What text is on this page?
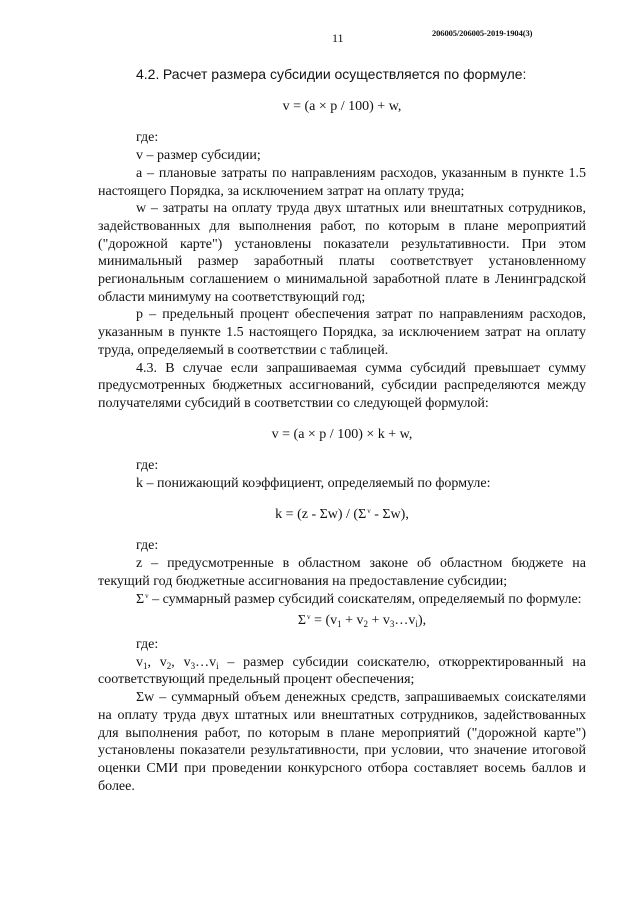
11	206005/206005-2019-1904(3)

4.2. Расчет размера субсидии осуществляется по формуле:

v = (a × p / 100) + w,

где:

v – размер субсидии;

a – плановые затраты по направлениям расходов, указанным в пункте 1.5 настоящего Порядка, за исключением затрат на оплату труда;

w – затраты на оплату труда двух штатных или внештатных сотрудников, задействованных для выполнения работ, по которым в плане мероприятий ("дорожной карте") установлены показатели результативности. При этом минимальный размер заработный платы соответствует установленному региональным соглашением о минимальной заработной плате в Ленинградской области минимуму на соответствующий год;

p – предельный процент обеспечения затрат по направлениям расходов, указанным в пункте 1.5 настоящего Порядка, за исключением затрат на оплату труда, определяемый в соответствии с таблицей.

4.3. В случае если запрашиваемая сумма субсидий превышает сумму предусмотренных бюджетных ассигнований, субсидии распределяются между получателями субсидий в соответствии со следующей формулой:

v = (a × p / 100) × k + w,

где:

k – понижающий коэффициент, определяемый по формуле:

$k = (z - \Sigma w) / (\Sigma^v - \Sigma w)$,

где:

z – предусмотренные в областном законе об областном бюджете на текущий год бюджетные ассигнования на предоставление субсидии;

$\Sigma^v$ – суммарный размер субсидий соискателям, определяемый по формуле:

$\Sigma^v = (v_1 + v_2$ + $v_3\dots v_i$),

где:

$v_1$, $v_2$, $v_3\dots v_i$ – размер субсидии соискателю, откорректированный на соответствующий предельный процент обеспечения;

Σw – суммарный объем денежных средств, запрашиваемых соискателями на оплату труда двух штатных или внештатных сотрудников, задействованных для выполнения работ, по которым в плане мероприятий ("дорожной карте") установлены показатели результативности, при условии, что значение итоговой оценки СМИ при проведении конкурсного отбора составляет восемь баллов и более.
